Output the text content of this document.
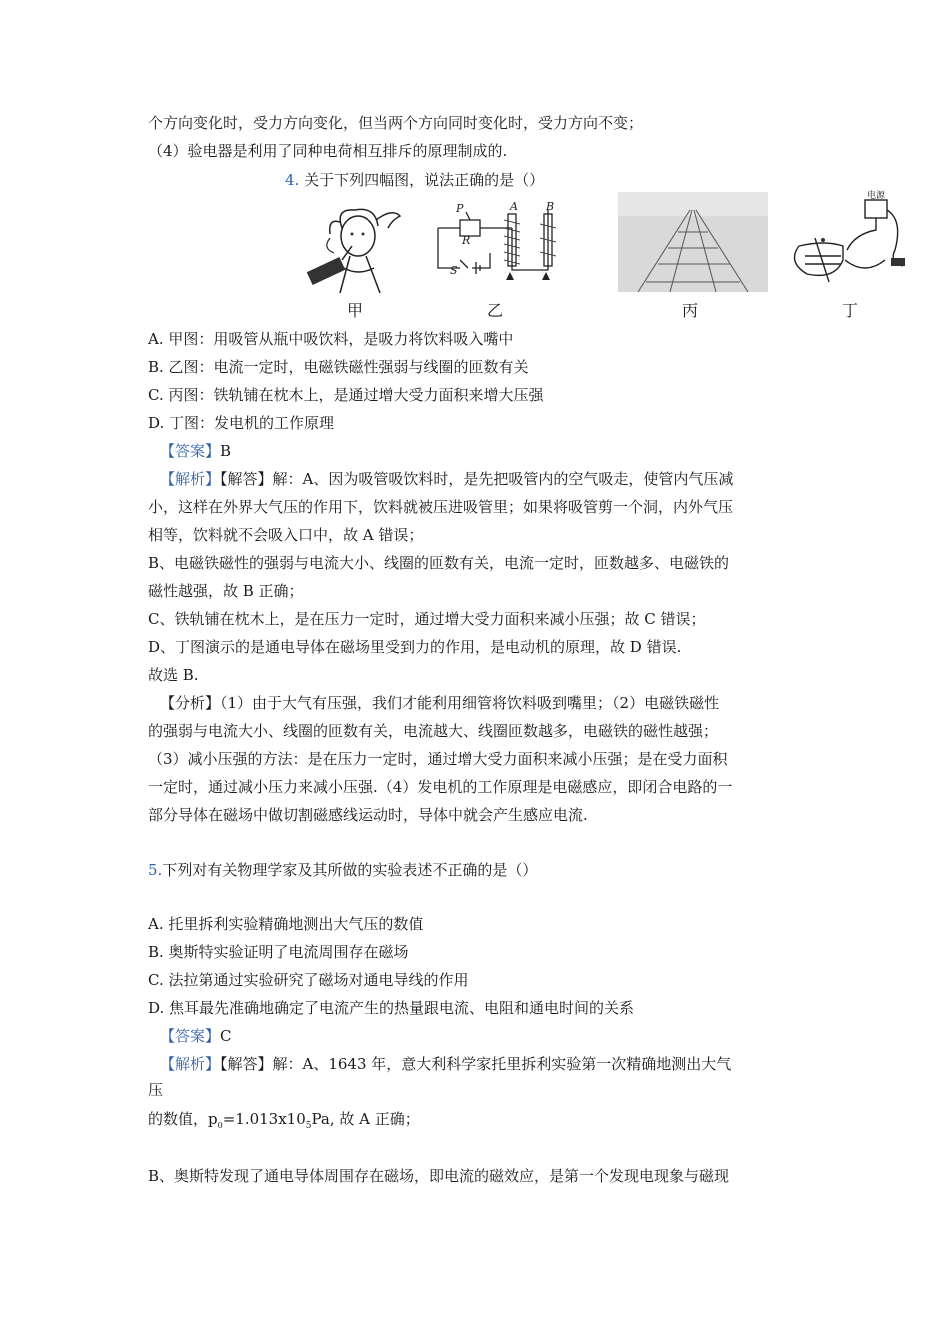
个方向变化时，受力方向变化，但当两个方向同时变化时，受力方向不变；
（4）验电器是利用了同种电荷相互排斥的原理制成的.
4. 关于下列四幅图，说法正确的是（）
P
R
A	B
S
电源
甲	乙	丙	丁
A. 甲图：用吸管从瓶中吸饮料，是吸力将饮料吸入嘴中
B. 乙图：电流一定时，电磁铁磁性强弱与线圈的匝数有关
C. 丙图：铁轨铺在枕木上，是通过增大受力面积来增大压强
D. 丁图：发电机的工作原理
【答案】B
【解析】【解答】解：A、因为吸管吸饮料时，是先把吸管内的空气吸走，使管内气压减
小，这样在外界大气压的作用下，饮料就被压进吸管里；如果将吸管剪一个洞，内外气压
相等，饮料就不会吸入口中，故 A 错误；
B、电磁铁磁性的强弱与电流大小、线圈的匝数有关，电流一定时，匝数越多、电磁铁的
磁性越强，故 B 正确；
C、铁轨铺在枕木上，是在压力一定时，通过增大受力面积来减小压强；故 C 错误；
D、丁图演示的是通电导体在磁场里受到力的作用，是电动机的原理，故 D 错误.
故选 B.
【分析】（1）由于大气有压强，我们才能利用细管将饮料吸到嘴里；（2）电磁铁磁性
的强弱与电流大小、线圈的匝数有关，电流越大、线圈匝数越多，电磁铁的磁性越强；
（3）减小压强的方法：是在压力一定时，通过增大受力面积来减小压强；是在受力面积
一定时，通过减小压力来减小压强.（4）发电机的工作原理是电磁感应，即闭合电路的一
部分导体在磁场中做切割磁感线运动时，导体中就会产生感应电流.
5.下列对有关物理学家及其所做的实验表述不正确的是（）
A. 托里拆利实验精确地测出大气压的数值
B. 奥斯特实验证明了电流周围存在磁场
C. 法拉第通过实验研究了磁场对通电导线的作用
D. 焦耳最先准确地确定了电流产生的热量跟电流、电阻和通电时间的关系
【答案】C
【解析】【解答】解：A、1643 年，意大利科学家托里拆利实验第一次精确地测出大气
压
的数值，$p_0=1.013x10_5Pa$, 故 A 正确；
B、奥斯特发现了通电导体周围存在磁场，即电流的磁效应，是第一个发现电现象与磁现
